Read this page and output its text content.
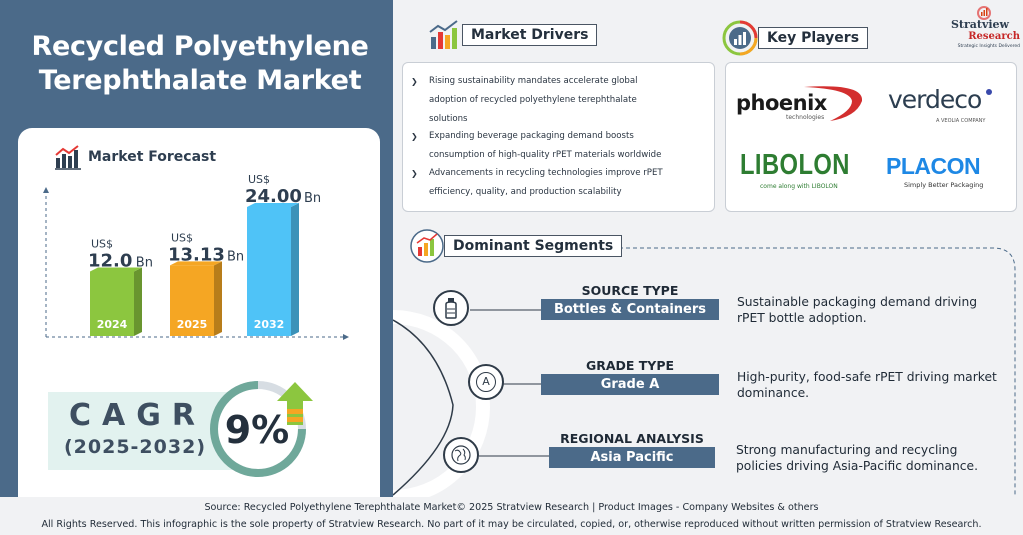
Recycled Polyethylene
Terephthalate Market
Market Forecast
2024
US$
12.0 Bn
2025
US$
13.13 Bn
2032
US$
24.00 Bn
CAGR
(2025-2032) 9%
Stratview
Research
Strategic Insights Delivered
Market Drivers
❯	Rising sustainability mandates accelerate global
adoption of recycled polyethylene terephthalate
solutions
❯	Expanding beverage packaging demand boosts
consumption of high-quality rPET materials worldwide
❯	Advancements in recycling technologies improve rPET
efficiency, quality, and production scalability
Key Players
phoenix
technologies
verdeco
A VEOLIA COMPANY
LIBOLON
come along with LIBOLON
PLACON
Simply Better Packaging
Dominant Segments
SOURCE TYPE
Bottles & Containers	Sustainable packaging demand driving
rPET bottle adoption.
A
GRADE TYPE
Grade A	High-purity, food-safe rPET driving market
dominance.
REGIONAL ANALYSIS
Asia Pacific	Strong manufacturing and recycling
policies driving Asia-Pacific dominance.
Source: Recycled Polyethylene Terephthalate Market© 2025 Stratview Research | Product Images - Company Websites & others
All Rights Reserved. This infographic is the sole property of Stratview Research. No part of it may be circulated, copied, or, otherwise reproduced without written permission of Stratview Research.
